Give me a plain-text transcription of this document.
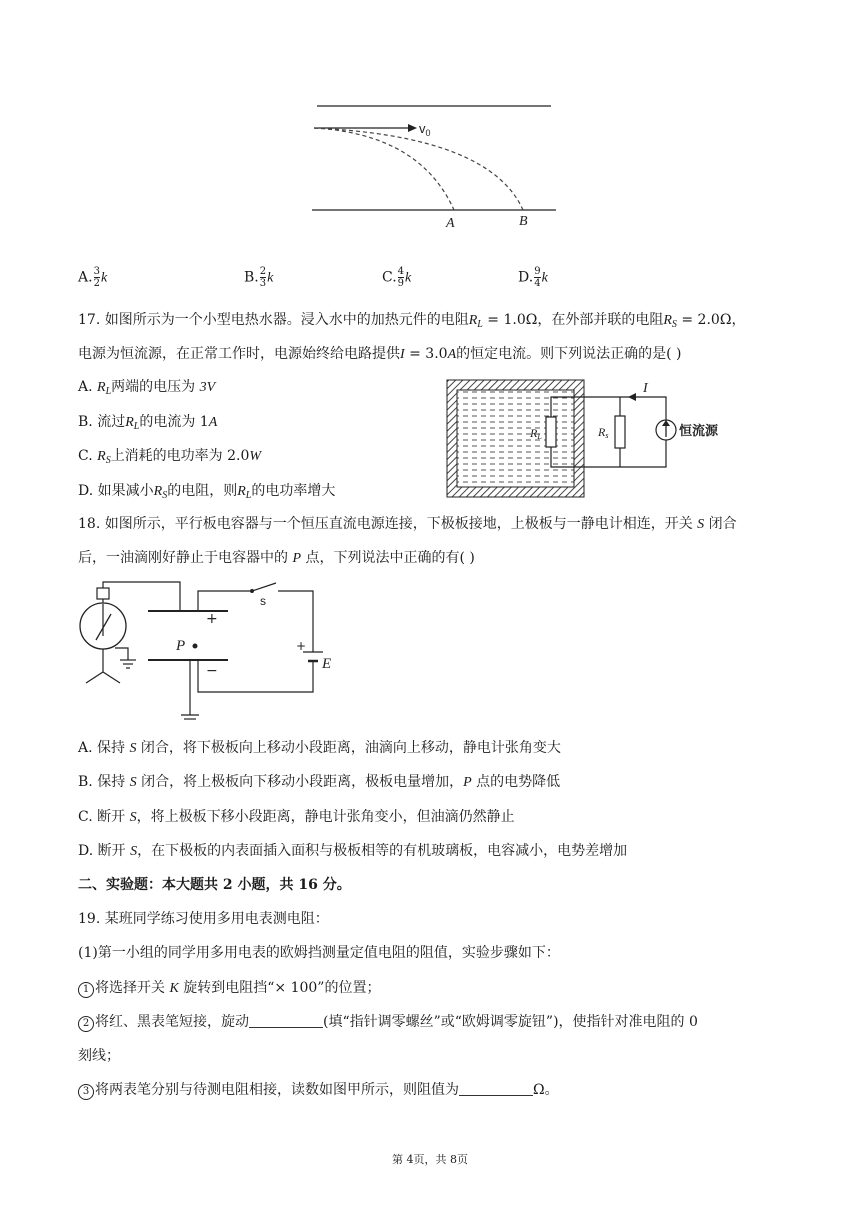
$v_0$
A	B
A. $\frac{3}{2}$ k	B. $\frac{2}{3}$ k	C. $\frac{4}{9}$ k	D. $\frac{9}{4}$ k
17. 如图所示为一个小型电热水器。浸入水中的加热元件的电阻$R_L = 1.0\Omega$，在外部并联的电阻$R_S = 2.0\Omega$，
电源为恒流源，在正常工作时，电源始终给电路提供I = 3.0A的恒定电流。则下列说法正确的是( )
A. $R_L$两端的电压为 3V
B. 流过$R_L$的电流为 1A
C. $R_S$上消耗的电功率为 2.0W
D. 如果减小$R_S$的电阻，则$R_L$的电功率增大
I
恒流源
RL	Rs
18. 如图所示，平行板电容器与一个恒压直流电源连接，下极板接地，上极板与一静电计相连，开关 S 闭合
后，一油滴刚好静止于电容器中的 P 点，下列说法中正确的有( )
P
+
−
s
+
E
A. 保持 S 闭合，将下极板向上移动小段距离，油滴向上移动，静电计张角变大
B. 保持 S 闭合，将上极板向下移动小段距离，极板电量增加，P 点的电势降低
C. 断开 S，将上极板下移小段距离，静电计张角变小，但油滴仍然静止
D. 断开 S，在下极板的内表面插入面积与极板相等的有机玻璃板，电容减小，电势差增加
二、实验题：本大题共 2 小题，共 16 分。
19. 某班同学练习使用多用电表测电阻：
(1)第一小组的同学用多用电表的欧姆挡测量定值电阻的阻值，实验步骤如下：
1 将选择开关 K 旋转到电阻挡“× 100”的位置；
2 将红、黑表笔短接，旋动	(填“指针调零螺丝”或“欧姆调零旋钮”)，使指针对准电阻的 0
刻线；
3 将两表笔分别与待测电阻相接，读数如图甲所示，则阻值为	Ω。
第 4页，共 8页
